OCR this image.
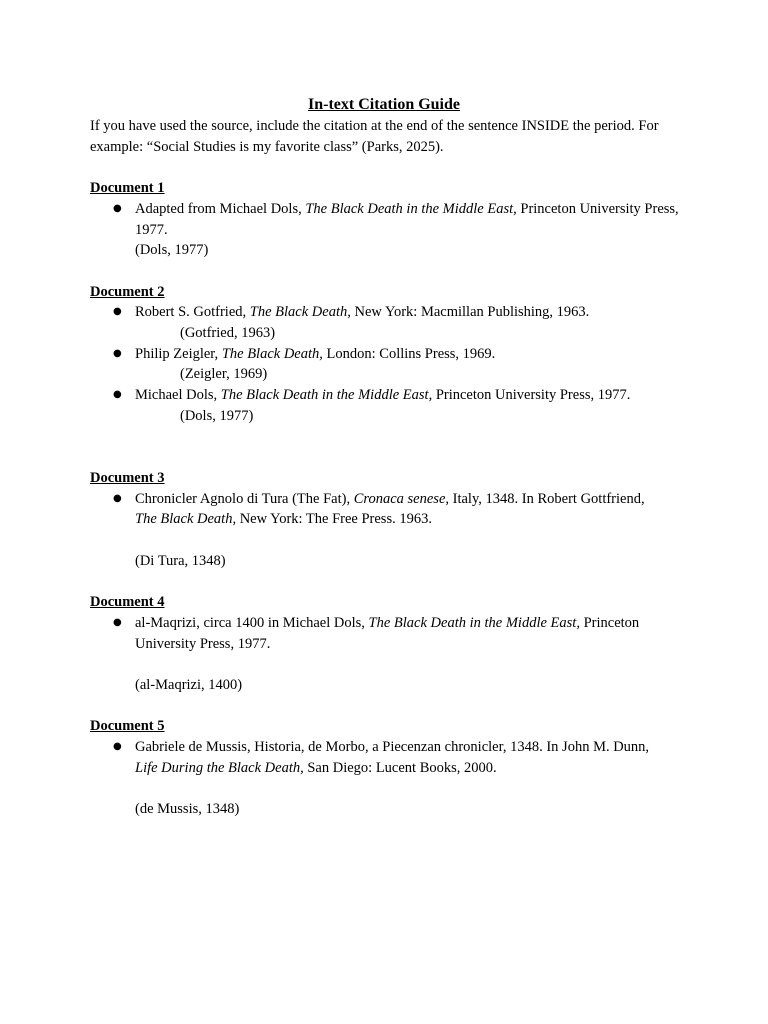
In-text Citation Guide

If you have used the source, include the citation at the end of the sentence INSIDE the period. For example: “Social Studies is my favorite class” (Parks, 2025).

Document 1

● Adapted from Michael Dols, The Black Death in the Middle East, Princeton University Press, 1977.
(Dols, 1977)

Document 2

● Robert S. Gotfried, The Black Death, New York: Macmillan Publishing, 1963.
(Gotfried, 1963)
● Philip Zeigler, The Black Death, London: Collins Press, 1969.
(Zeigler, 1969)
● Michael Dols, The Black Death in the Middle East, Princeton University Press, 1977.
(Dols, 1977)

Document 3

● Chronicler Agnolo di Tura (The Fat), Cronaca senese, Italy, 1348. In Robert Gottfriend,
The Black Death, New York: The Free Press. 1963.
(Di Tura, 1348)

Document 4

● al-Maqrizi, circa 1400 in Michael Dols, The Black Death in the Middle East, Princeton University Press, 1977.
(al-Maqrizi, 1400)

Document 5

● Gabriele de Mussis, Historia, de Morbo, a Piecenzan chronicler, 1348. In John M. Dunn,
Life During the Black Death, San Diego: Lucent Books, 2000.
(de Mussis, 1348)
